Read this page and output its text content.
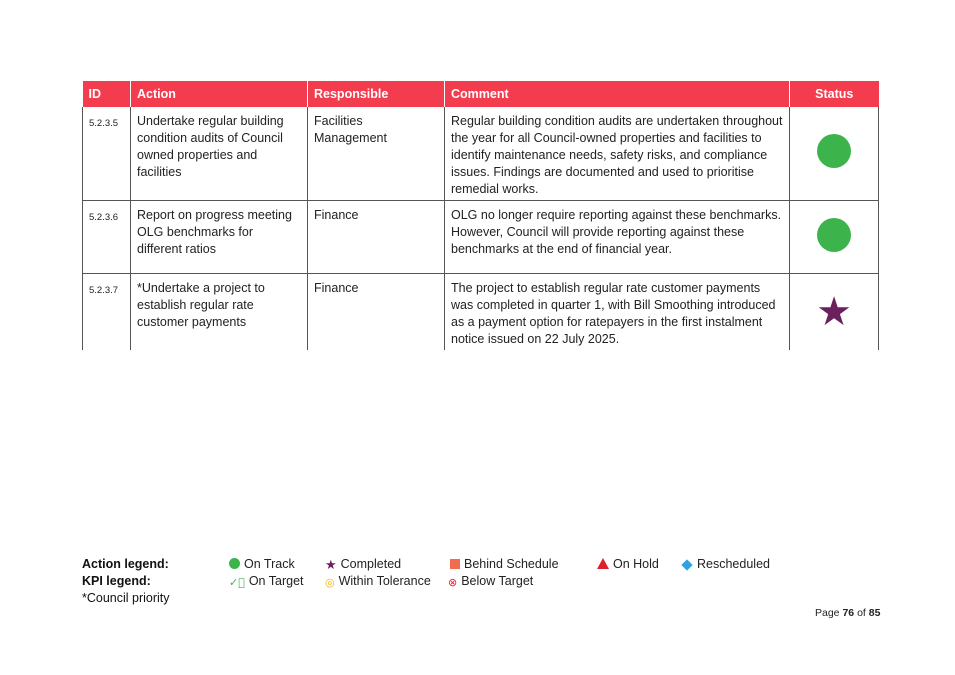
ID	Action	Responsible	Comment	Status
5.2.3.5	Undertake regular building condition audits of Council owned properties and facilities	Facilities Management	Regular building condition audits are undertaken throughout the year for all Council-owned properties and facilities to identify maintenance needs, safety risks, and compliance issues. Findings are documented and used to prioritise remedial works.	
5.2.3.6	Report on progress meeting OLG benchmarks for different ratios	Finance	OLG no longer require reporting against these benchmarks. However, Council will provide reporting against these benchmarks at the end of financial year.	
5.2.3.7	*Undertake a project to establish regular rate customer payments	Finance	The project to establish regular rate customer payments was completed in quarter 1, with Bill Smoothing introduced as a payment option for ratepayers in the first instalment notice issued on 22 July 2025.	★
Action legend:
KPI legend:
*Council priority
On Track ★ Completed	Behind Schedule	On Hold	Rescheduled
✓⃝ On Target ◎ Within Tolerance ⊗ Below Target
Page 76 of 85
